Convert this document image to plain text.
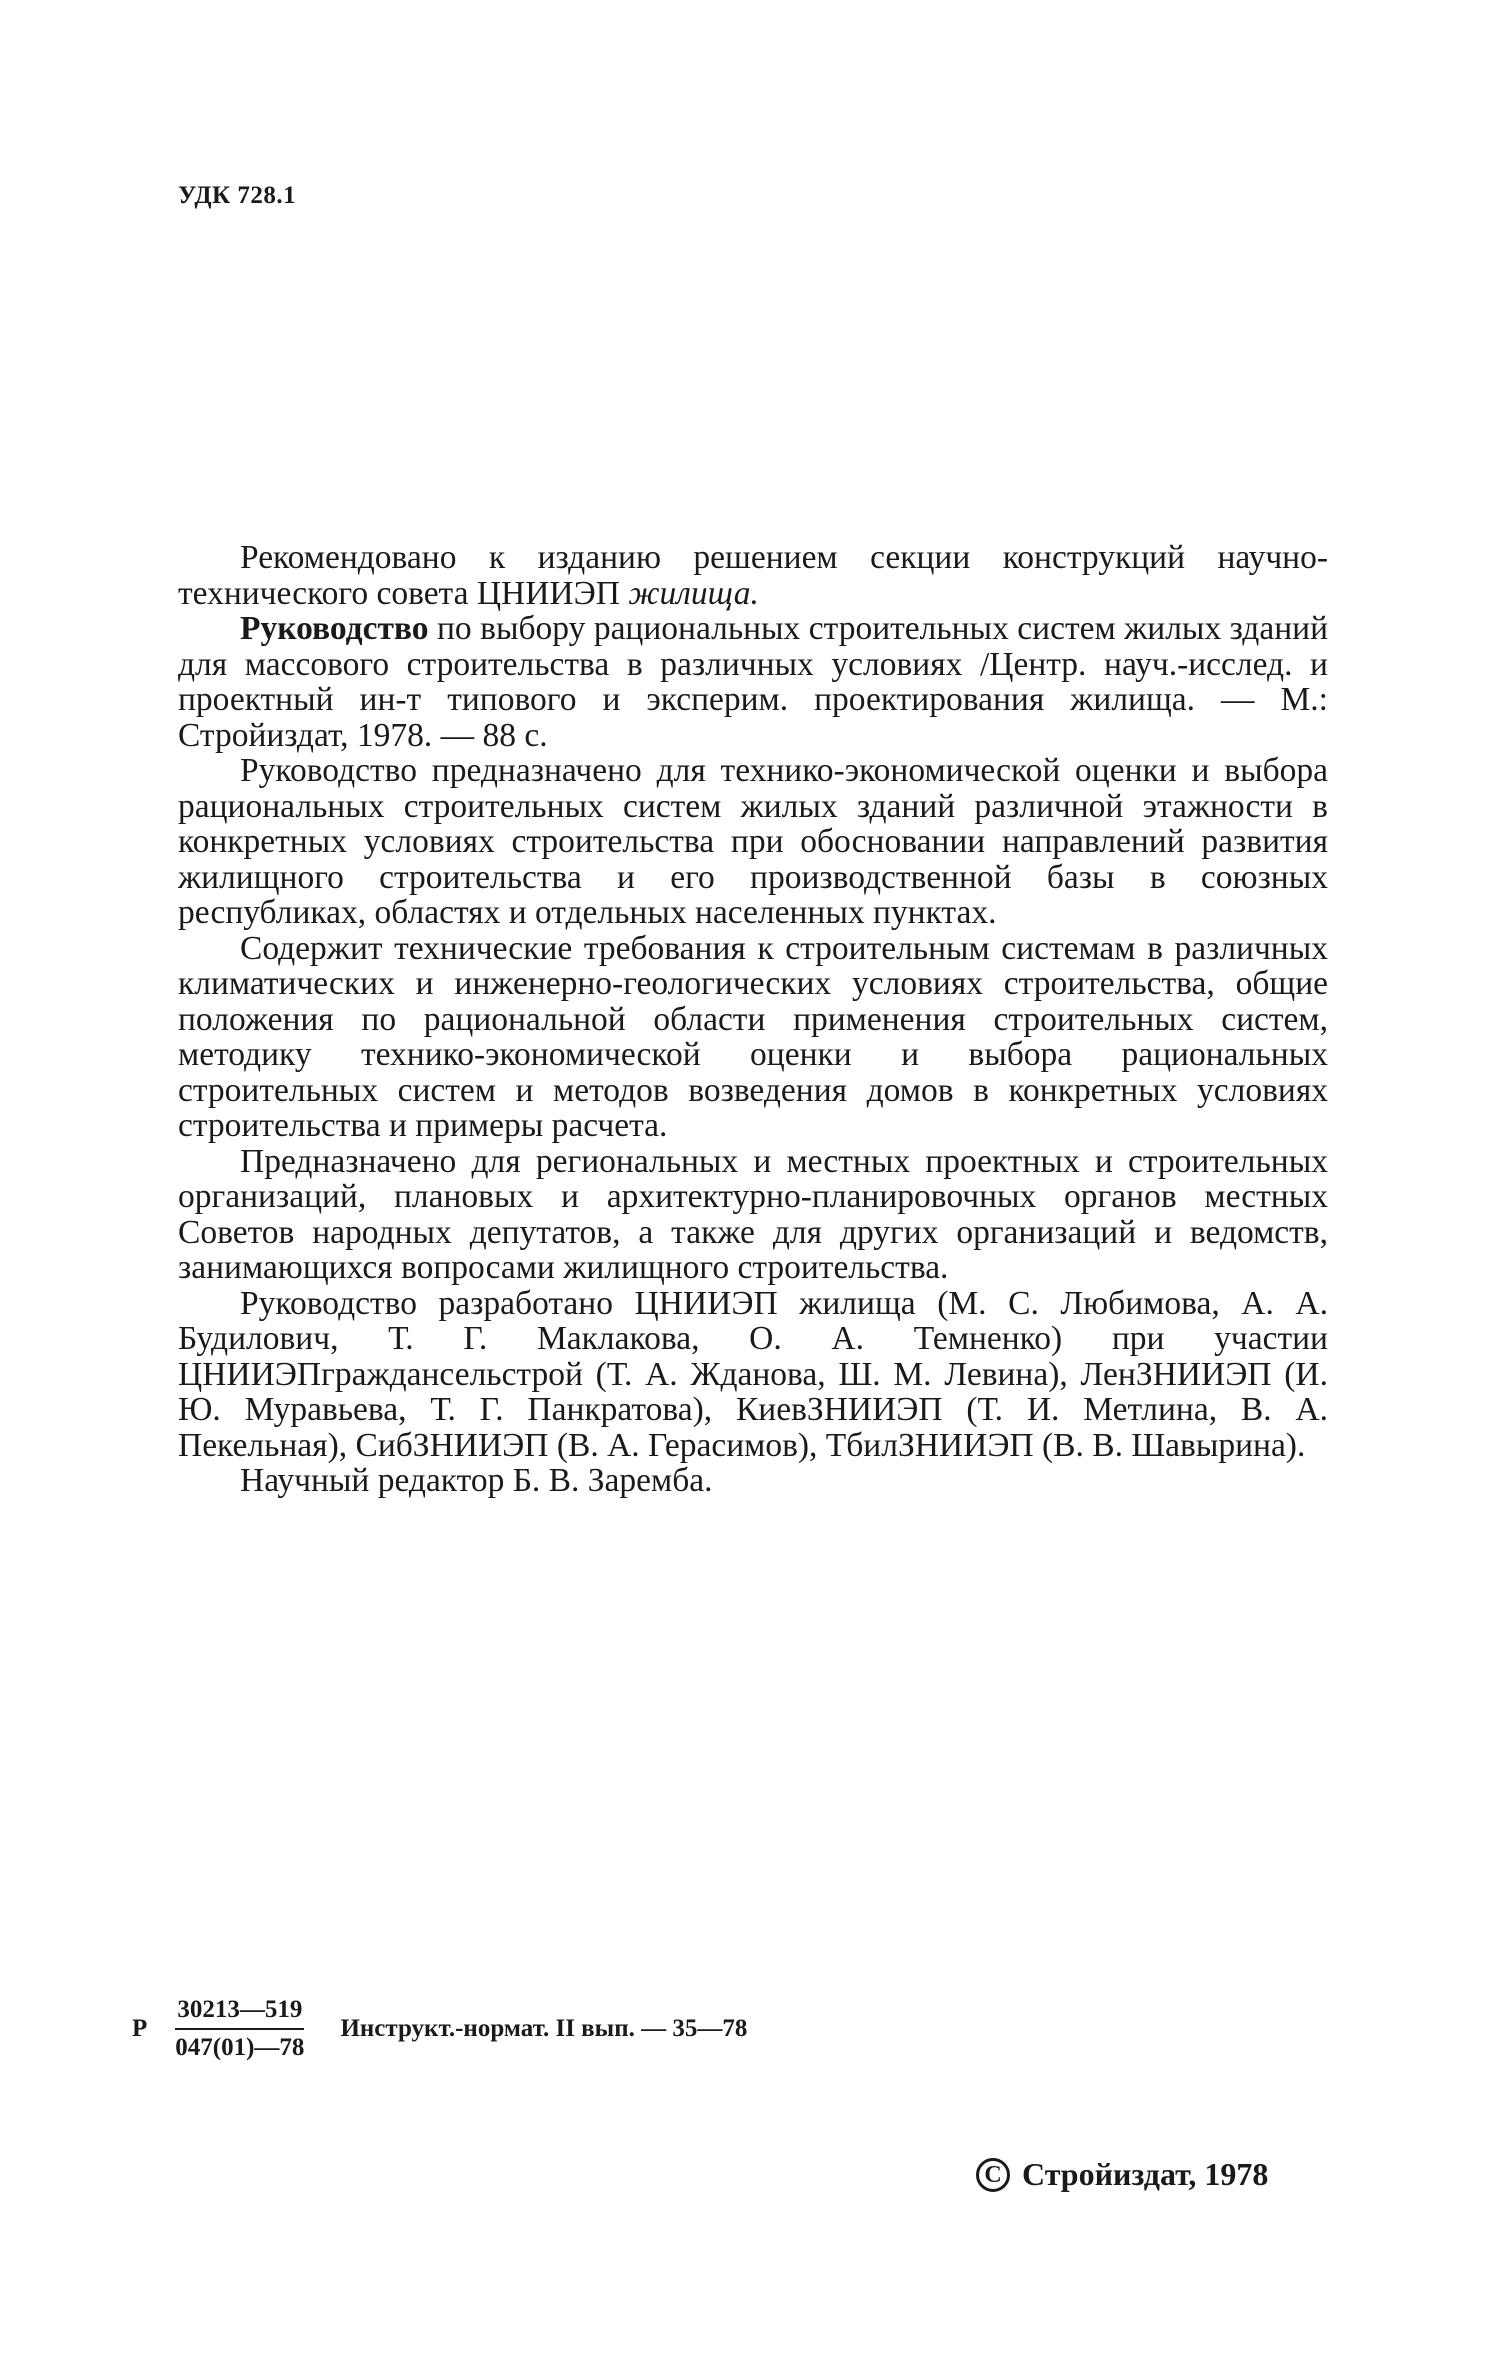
УДК 728.1

Рекомендовано к изданию решением секции конструкций научно-технического совета ЦНИИЭП жилища.

Руководство по выбору рациональных строительных систем жилых зданий для массового строительства в различных условиях /Центр. науч.-исслед. и проектный ин-т типового и эксперим. проектирования жилища. — М.: Стройиздат, 1978. — 88 с.

Руководство предназначено для технико-экономической оценки и выбора рациональных строительных систем жилых зданий различной этажности в конкретных условиях строительства при обосновании направлений развития жилищного строительства и его производственной базы в союзных республиках, областях и отдельных населенных пунктах.

Содержит технические требования к строительным системам в различных климатических и инженерно-геологических условиях строительства, общие положения по рациональной области применения строительных систем, методику технико-экономической оценки и выбора рациональных строительных систем и методов возведения домов в конкретных условиях строительства и примеры расчета.

Предназначено для региональных и местных проектных и строительных организаций, плановых и архитектурно-планировочных органов местных Советов народных депутатов, а также для других организаций и ведомств, занимающихся вопросами жилищного строительства.

Руководство разработано ЦНИИЭП жилища (М. С. Любимова, А. А. Будилович, Т. Г. Маклакова, О. А. Темненко) при участии ЦНИИЭПграждансельстрой (Т. А. Жданова, Ш. М. Левина), ЛенЗНИИЭП (И. Ю. Муравьева, Т. Г. Панкратова), КиевЗНИИЭП (Т. И. Метлина, В. А. Пекельная), СибЗНИИЭП (В. А. Герасимов), ТбилЗНИИЭП (В. В. Шавырина).

Научный редактор Б. В. Заремба.

Р $\frac{30213—519}{047(01)—78}$ Инструкт.-нормат. II вып. — 35—78
C Стройиздат, 1978
